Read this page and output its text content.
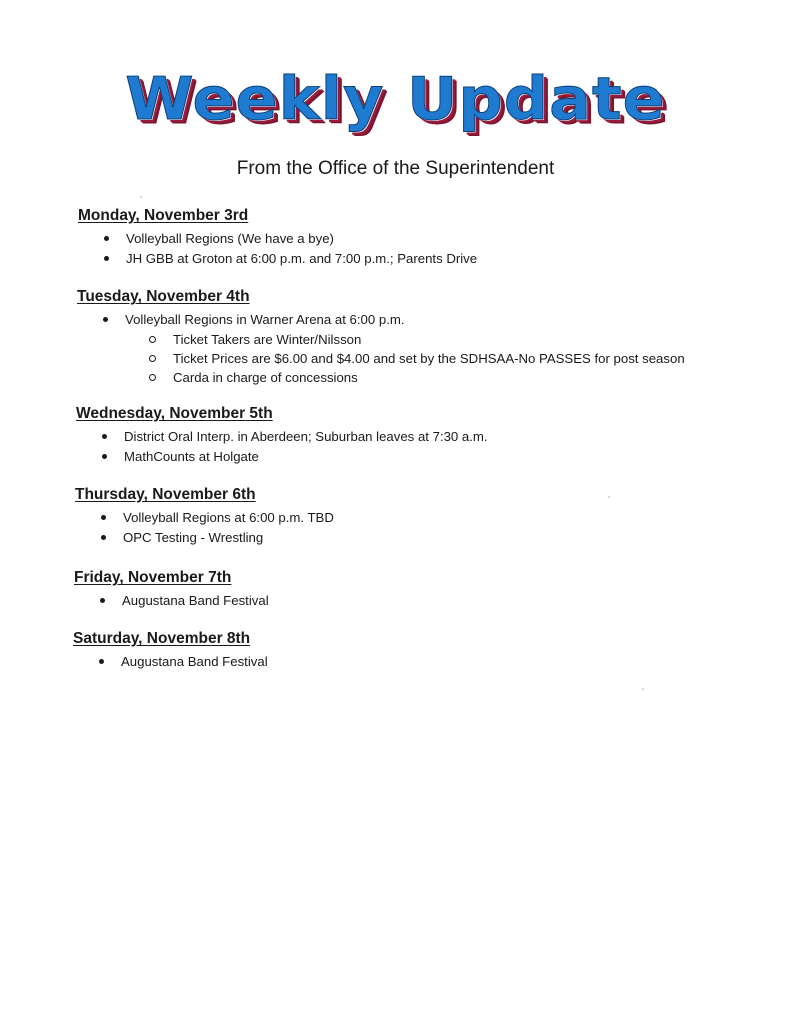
Weekly Update
From the Office of the Superintendent
Monday, November 3rd
Volleyball Regions (We have a bye)
JH GBB at Groton at 6:00 p.m. and 7:00 p.m.; Parents Drive
Tuesday, November 4th
Volleyball Regions in Warner Arena at 6:00 p.m.
Ticket Takers are Winter/Nilsson
Ticket Prices are $6.00 and $4.00 and set by the SDHSAA-No PASSES for post season
Carda in charge of concessions
Wednesday, November 5th
District Oral Interp. in Aberdeen; Suburban leaves at 7:30 a.m.
MathCounts at Holgate
Thursday, November 6th
Volleyball Regions at 6:00 p.m. TBD
OPC Testing - Wrestling
Friday, November 7th
Augustana Band Festival
Saturday, November 8th
Augustana Band Festival
